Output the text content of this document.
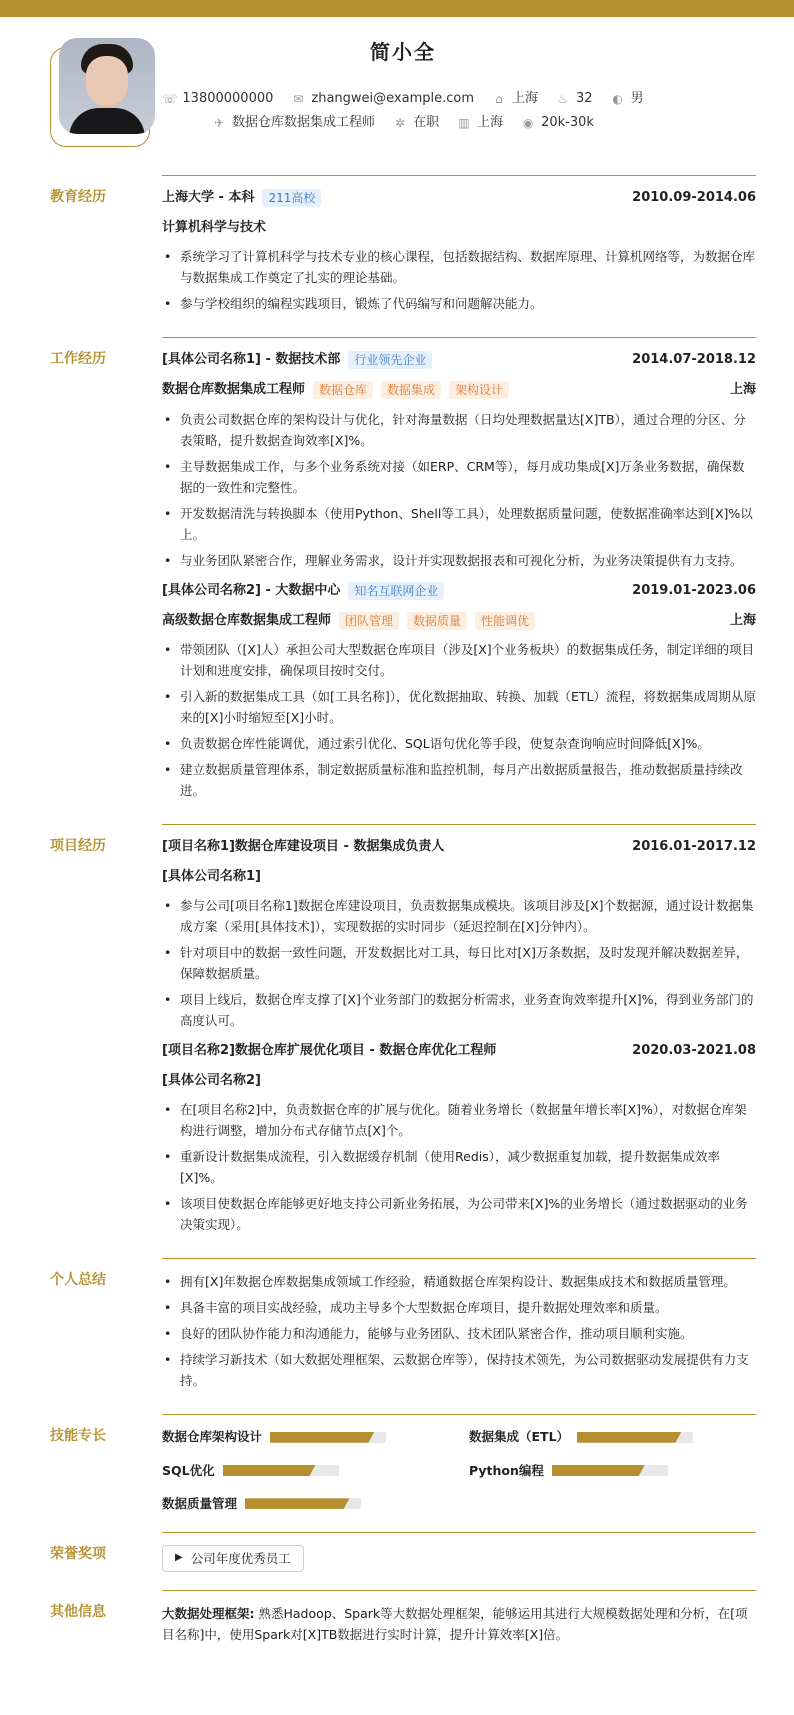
简小全
☏ 13800000000 ✉ zhangwei@example.com ⌂ 上海 ♨ 32 ◐ 男
✈ 数据仓库数据集成工程师 ✲ 在职 ▥ 上海 ◉ 20k-30k
教育经历	上海大学 - 本科	211高校	2010.09-2014.06
计算机科学与技术
• 系统学习了计算机科学与技术专业的核心课程，包括数据结构、数据库原理、计算机网络等，为数据仓库与数据集成工作奠定了扎实的理论基础。
• 参与学校组织的编程实践项目，锻炼了代码编写和问题解决能力。
工作经历	[具体公司名称1] - 数据技术部	行业领先企业	2014.07-2018.12
数据仓库数据集成工程师	数据仓库	数据集成	架构设计	上海
• 负责公司数据仓库的架构设计与优化，针对海量数据（日均处理数据量达[X]TB），通过合理的分区、分表策略，提升数据查询效率[X]%。
• 主导数据集成工作，与多个业务系统对接（如ERP、CRM等），每月成功集成[X]万条业务数据，确保数据的一致性和完整性。
• 开发数据清洗与转换脚本（使用Python、Shell等工具），处理数据质量问题，使数据准确率达到[X]%以上。
• 与业务团队紧密合作，理解业务需求，设计并实现数据报表和可视化分析，为业务决策提供有力支持。
[具体公司名称2] - 大数据中心	知名互联网企业	2019.01-2023.06
高级数据仓库数据集成工程师	团队管理	数据质量	性能调优	上海
• 带领团队（[X]人）承担公司大型数据仓库项目（涉及[X]个业务板块）的数据集成任务，制定详细的项目计划和进度安排，确保项目按时交付。
• 引入新的数据集成工具（如[工具名称]），优化数据抽取、转换、加载（ETL）流程，将数据集成周期从原来的[X]小时缩短至[X]小时。
• 负责数据仓库性能调优，通过索引优化、SQL语句优化等手段，使复杂查询响应时间降低[X]%。
• 建立数据质量管理体系，制定数据质量标准和监控机制，每月产出数据质量报告，推动数据质量持续改进。
项目经历	[项目名称1]数据仓库建设项目 - 数据集成负责人	2016.01-2017.12
[具体公司名称1]
• 参与公司[项目名称1]数据仓库建设项目，负责数据集成模块。该项目涉及[X]个数据源，通过设计数据集成方案（采用[具体技术]），实现数据的实时同步（延迟控制在[X]分钟内）。
• 针对项目中的数据一致性问题，开发数据比对工具，每日比对[X]万条数据，及时发现并解决数据差异，保障数据质量。
• 项目上线后，数据仓库支撑了[X]个业务部门的数据分析需求，业务查询效率提升[X]%，得到业务部门的高度认可。
[项目名称2]数据仓库扩展优化项目 - 数据仓库优化工程师	2020.03-2021.08
[具体公司名称2]
• 在[项目名称2]中，负责数据仓库的扩展与优化。随着业务增长（数据量年增长率[X]%），对数据仓库架构进行调整，增加分布式存储节点[X]个。
• 重新设计数据集成流程，引入数据缓存机制（使用Redis），减少数据重复加载，提升数据集成效率[X]%。
• 该项目使数据仓库能够更好地支持公司新业务拓展，为公司带来[X]%的业务增长（通过数据驱动的业务决策实现）。
个人总结
•	拥有[X]年数据仓库数据集成领域工作经验，精通数据仓库架构设计、数据集成技术和数据质量管理。
• 具备丰富的项目实战经验，成功主导多个大型数据仓库项目，提升数据处理效率和质量。
• 良好的团队协作能力和沟通能力，能够与业务团队、技术团队紧密合作，推动项目顺利实施。
• 持续学习新技术（如大数据处理框架、云数据仓库等），保持技术领先，为公司数据驱动发展提供有力支持。
技能专长	数据仓库架构设计	数据集成（ETL）
SQL优化	Python编程
数据质量管理
荣誉奖项	▶ 公司年度优秀员工
其他信息	大数据处理框架: 熟悉Hadoop、Spark等大数据处理框架，能够运用其进行大规模数据处理和分析，在[项目名称]中，使用Spark对[X]TB数据进行实时计算，提升计算效率[X]倍。
